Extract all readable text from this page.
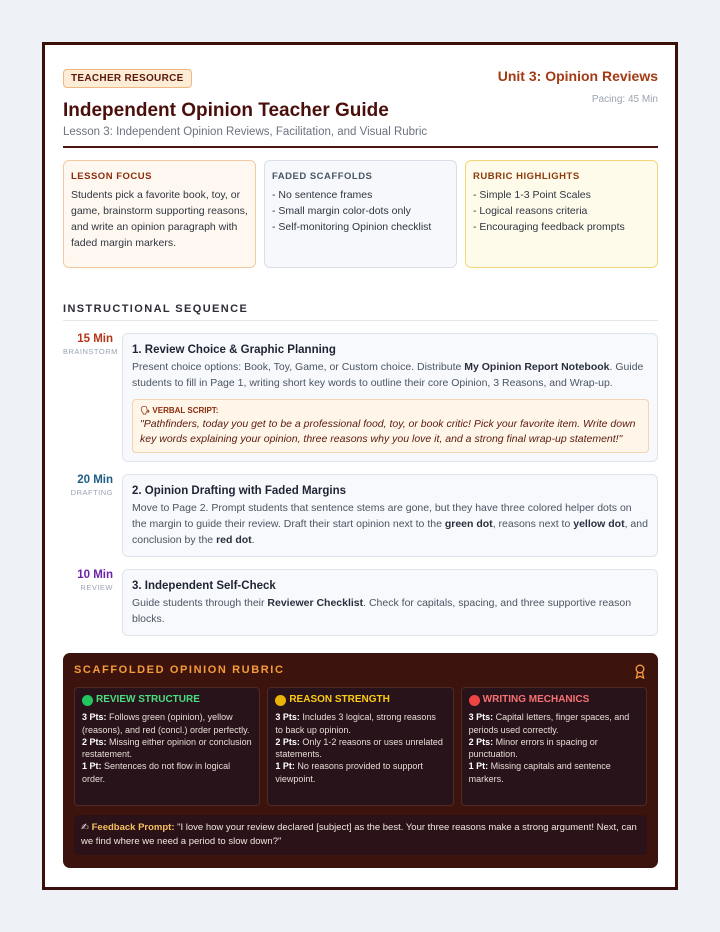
TEACHER RESOURCE	Unit 3: Opinion Reviews
Pacing: 45 Min
Independent Opinion Teacher Guide
Lesson 3: Independent Opinion Reviews, Facilitation, and Visual Rubric
LESSON FOCUS
Students pick a favorite book, toy, or game, brainstorm supporting reasons, and write an opinion paragraph with faded margin markers.
FADED SCAFFOLDS
- No sentence frames
- Small margin color-dots only
- Self-monitoring Opinion checklist
RUBRIC HIGHLIGHTS
- Simple 1-3 Point Scales
- Logical reasons criteria
- Encouraging feedback prompts
INSTRUCTIONAL SEQUENCE
15 Min
BRAINSTORM 1. Review Choice & Graphic Planning
Present choice options: Book, Toy, Game, or Custom choice. Distribute My Opinion Report Notebook. Guide students to fill in Page 1, writing short key words to outline their core Opinion, 3 Reasons, and Wrap-up.
🗣 VERBAL SCRIPT:
"Pathfinders, today you get to be a professional food, toy, or book critic! Pick your favorite item. Write down key words explaining your opinion, three reasons why you love it, and a strong final wrap-up statement!"
20 Min
DRAFTING 2. Opinion Drafting with Faded Margins
Move to Page 2. Prompt students that sentence stems are gone, but they have three colored helper dots on the margin to guide their review. Draft their start opinion next to the green dot, reasons next to yellow dot, and conclusion by the red dot.
10 Min
REVIEW 3. Independent Self-Check
Guide students through their Reviewer Checklist. Check for capitals, spacing, and three supportive reason blocks.
SCAFFOLDED OPINION RUBRIC
REVIEW STRUCTURE
3 Pts: Follows green (opinion), yellow (reasons), and red (concl.) order perfectly.
2 Pts: Missing either opinion or conclusion restatement.
1 Pt: Sentences do not flow in logical order.
REASON STRENGTH
3 Pts: Includes 3 logical, strong reasons to back up opinion.
2 Pts: Only 1-2 reasons or uses unrelated statements.
1 Pt: No reasons provided to support viewpoint.
WRITING MECHANICS
3 Pts: Capital letters, finger spaces, and periods used correctly.
2 Pts: Minor errors in spacing or punctuation.
1 Pt: Missing capitals and sentence markers.
✍ Feedback Prompt: "I love how your review declared [subject] as the best. Your three reasons make a strong argument! Next, can we find where we need a period to slow down?"
